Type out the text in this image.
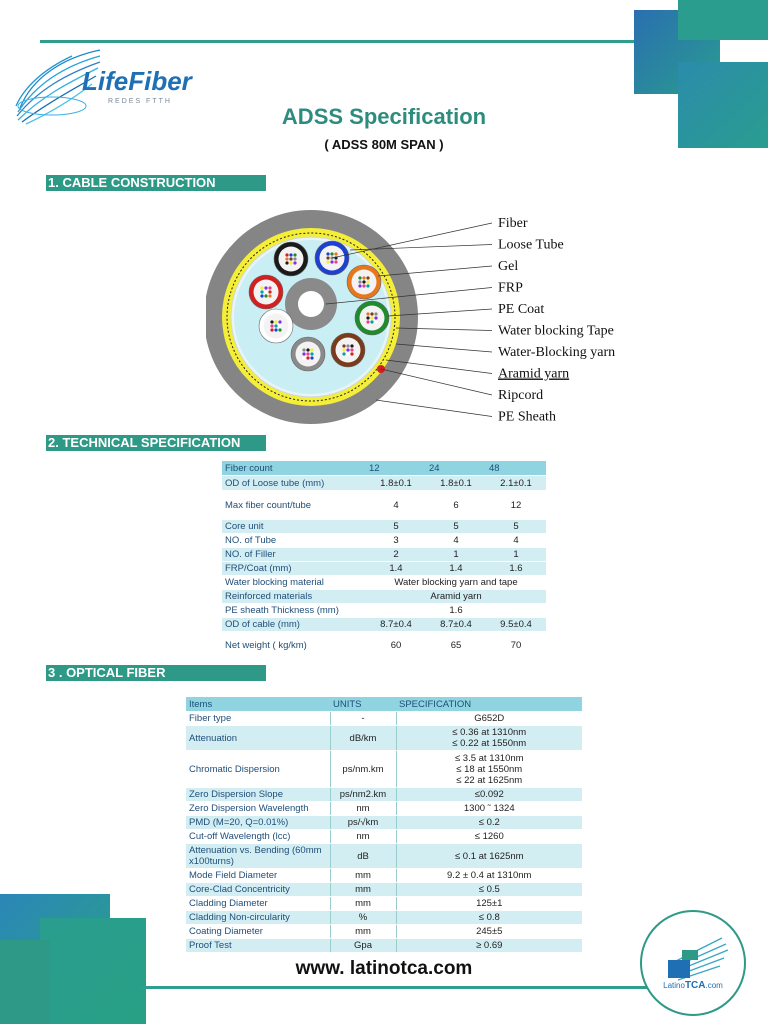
LifeFiber
REDES FTTH
ADSS Specification
( ADSS 80M SPAN )
1. CABLE CONSTRUCTION
Fiber
Loose Tube
Gel
FRP
PE Coat
Water blocking Tape
Water-Blocking yarn
Aramid yarn
Ripcord
PE Sheath
2. TECHNICAL SPECIFICATION
Fiber count	12	24	48
OD of Loose tube (mm)	1.8±0.1	1.8±0.1	2.1±0.1
Max fiber count/tube	4	6	12
Core unit	5	5	5
NO. of Tube	3	4	4
NO. of Filler	2	1	1
FRP/Coat (mm)	1.4	1.4	1.6
Water blocking material	Water blocking yarn and tape		
Reinforced materials	Aramid yarn		
PE sheath Thickness (mm)	1.6		
OD of cable (mm)	8.7±0.4	8.7±0.4	9.5±0.4
Net weight ( kg/km)	60	65	70
3 . OPTICAL FIBER
Items	UNITS	SPECIFICATION
Fiber type	-	G652D
Attenuation	dB/km	≤ 0.36 at 1310nm
≤ 0.22 at 1550nm
Chromatic Dispersion	ps/nm.km	≤ 3.5 at 1310nm
≤ 18 at 1550nm
≤ 22 at 1625nm
Zero Dispersion Slope	ps/nm2.km	≤0.092
Zero Dispersion Wavelength	nm	1300 ˜ 1324
PMD (M=20, Q=0.01%)	ps/√km	≤ 0.2
Cut-off Wavelength (lcc)	nm	≤ 1260
Attenuation vs. Bending (60mm x100turns)	dB	≤ 0.1 at 1625nm
Mode Field Diameter	mm	9.2 ± 0.4 at 1310nm
Core-Clad Concentricity	mm	≤ 0.5
Cladding Diameter	mm	125±1
Cladding Non-circularity	%	≤ 0.8
Coating Diameter	mm	245±5
Proof Test	Gpa	≥ 0.69
www. latinotca.com
LatinoTCA.com
